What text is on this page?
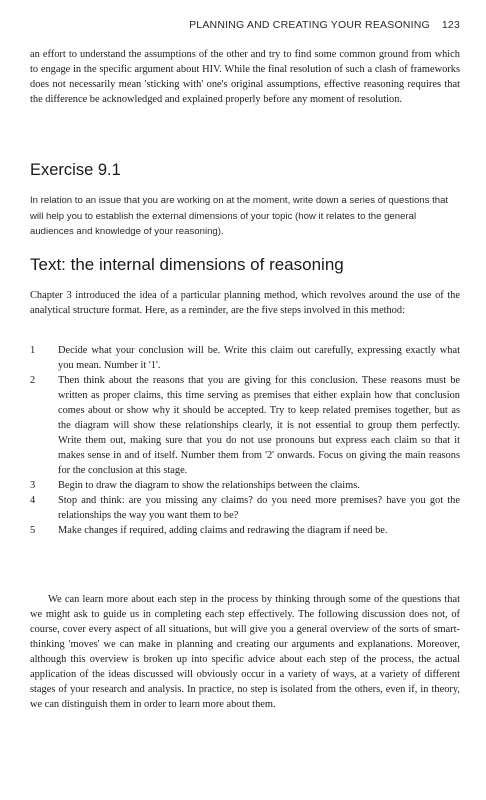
PLANNING AND CREATING YOUR REASONING 123

an effort to understand the assumptions of the other and try to find some common ground from which to engage in the specific argument about HIV. While the final resolution of such a clash of frameworks does not necessarily mean 'sticking with' one's original assumptions, effective reasoning requires that the difference be acknowledged and explained properly before any moment of resolution.

Exercise 9.1

In relation to an issue that you are working on at the moment, write down a series of questions that will help you to establish the external dimensions of your topic (how it relates to the general audiences and knowledge of your reasoning).

Text: the internal dimensions of reasoning

Chapter 3 introduced the idea of a particular planning method, which revolves around the use of the analytical structure format. Here, as a reminder, are the five steps involved in this method:

1	Decide what your conclusion will be. Write this claim out carefully, expressing exactly what you mean. Number it '1'.
2	Then think about the reasons that you are giving for this conclusion. These reasons must be written as proper claims, this time serving as premises that either explain how that conclusion comes about or show why it should be accepted. Try to keep related premises together, but as the diagram will show these relationships clearly, it is not essential to group them perfectly. Write them out, making sure that you do not use pronouns but express each claim so that it makes sense in and of itself. Number them from '2' onwards. Focus on giving the main reasons for the conclusion at this stage.
3	Begin to draw the diagram to show the relationships between the claims.
4	Stop and think: are you missing any claims? do you need more premises? have you got the relationships the way you want them to be?
5	Make changes if required, adding claims and redrawing the diagram if need be.

We can learn more about each step in the process by thinking through some of the questions that we might ask to guide us in completing each step effectively. The following discussion does not, of course, cover every aspect of all situations, but will give you a general overview of the sorts of smart-thinking 'moves' we can make in planning and creating our arguments and explanations. Moreover, although this overview is broken up into specific advice about each step of the process, the actual application of the ideas discussed will obviously occur in a variety of ways, at a variety of different stages of your research and analysis. In practice, no step is isolated from the others, even if, in theory, we can distinguish them in order to learn more about them.
